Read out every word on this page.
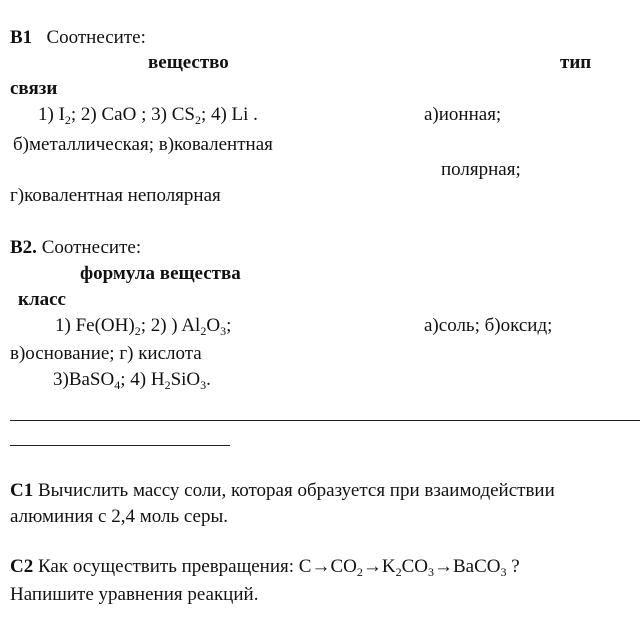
B1 Соотнесите:
вещество	тип
связи
1) $I_2$; 2) CaO ; 3) $CS_2$; 4) Li .	а)ионная;
б)металлическая; в)ковалентная
полярная;
г)ковалентная неполярная
B2. Соотнесите:
формула вещества
класс
1) $Fe(OH)_2$; 2) ) $Al_2O_3$;	а)соль; б)оксид;
в)основание; г) кислота
3)BaSO$_4$; 4) $H_2SiO_3$.
C1 Вычислить массу соли, которая образуется при взаимодействии
алюминия с 2,4 моль серы.
C2 Как осуществить превращения: $C\to CO_2\to K_2CO_3\to BaCO_3$ ?
Напишите уравнения реакций.
